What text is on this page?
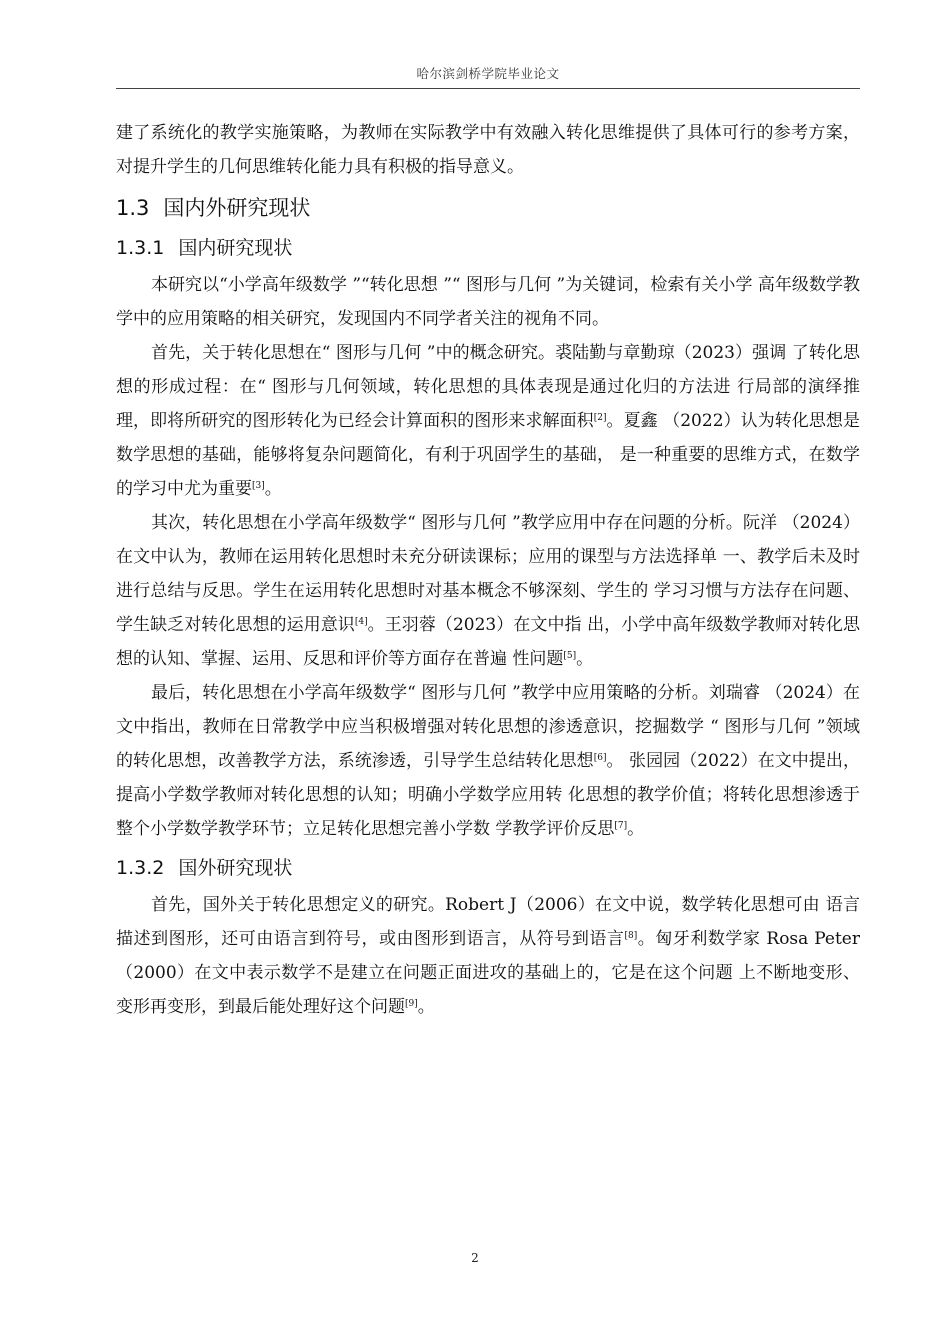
哈尔滨剑桥学院毕业论文

建了系统化的教学实施策略，为教师在实际教学中有效融入转化思维提供了具体可行的参考方案，对提升学生的几何思维转化能力具有积极的指导意义。

1.3 国内外研究现状
1.3.1 国内研究现状

本研究以“小学高年级数学 ”“转化思想 ”“ 图形与几何 ”为关键词，检索有关小学 高年级数学教学中的应用策略的相关研究，发现国内不同学者关注的视角不同。

首先，关于转化思想在“ 图形与几何 ”中的概念研究。裘陆勤与章勤琼（2023）强调 了转化思想的形成过程：在“ 图形与几何领域，转化思想的具体表现是通过化归的方法进 行局部的演绎推理，即将所研究的图形转化为已经会计算面积的图形来求解面积[2]。夏鑫 （2022）认为转化思想是数学思想的基础，能够将复杂问题简化，有利于巩固学生的基础， 是一种重要的思维方式，在数学的学习中尤为重要[3]。

其次，转化思想在小学高年级数学“ 图形与几何 ”教学应用中存在问题的分析。阮洋 （2024）在文中认为，教师在运用转化思想时未充分研读课标；应用的课型与方法选择单 一、教学后未及时进行总结与反思。学生在运用转化思想时对基本概念不够深刻、学生的 学习习惯与方法存在问题、学生缺乏对转化思想的运用意识[4]。王羽蓉（2023）在文中指 出，小学中高年级数学教师对转化思想的认知、掌握、运用、反思和评价等方面存在普遍 性问题[5]。

最后，转化思想在小学高年级数学“ 图形与几何 ”教学中应用策略的分析。刘瑞睿 （2024）在文中指出，教师在日常教学中应当积极增强对转化思想的渗透意识，挖掘数学 “ 图形与几何 ”领域的转化思想，改善教学方法，系统渗透，引导学生总结转化思想[6]。 张园园（2022）在文中提出，提高小学数学教师对转化思想的认知；明确小学数学应用转 化思想的教学价值；将转化思想渗透于整个小学数学教学环节；立足转化思想完善小学数 学教学评价反思[7]。

1.3.2 国外研究现状

首先，国外关于转化思想定义的研究。Robert J（2006）在文中说，数学转化思想可由 语言描述到图形，还可由语言到符号，或由图形到语言，从符号到语言[8]。匈牙利数学家 Rosa Peter（2000）在文中表示数学不是建立在问题正面进攻的基础上的，它是在这个问题 上不断地变形、变形再变形，到最后能处理好这个问题[9]。

2
